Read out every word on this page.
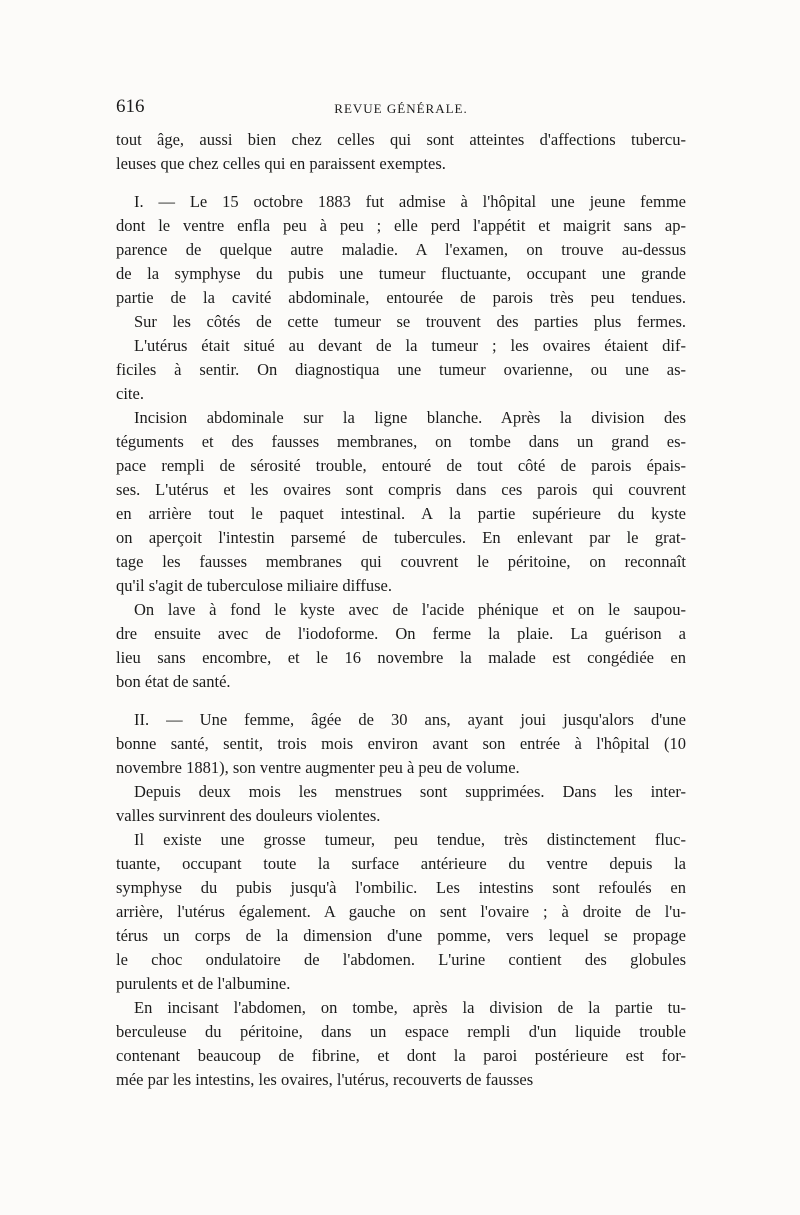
616	REVUE GÉNÉRALE.
tout âge, aussi bien chez celles qui sont atteintes d'affections tubercu-
leuses que chez celles qui en paraissent exemptes.
I. — Le 15 octobre 1883 fut admise à l'hôpital une jeune femme
dont le ventre enfla peu à peu ; elle perd l'appétit et maigrit sans ap-
parence de quelque autre maladie. A l'examen, on trouve au-dessus
de la symphyse du pubis une tumeur fluctuante, occupant une grande
partie de la cavité abdominale, entourée de parois très peu tendues.
Sur les côtés de cette tumeur se trouvent des parties plus fermes.
L'utérus était situé au devant de la tumeur ; les ovaires étaient dif-
ficiles à sentir. On diagnostiqua une tumeur ovarienne, ou une as-
cite.
Incision abdominale sur la ligne blanche. Après la division des
téguments et des fausses membranes, on tombe dans un grand es-
pace rempli de sérosité trouble, entouré de tout côté de parois épais-
ses. L'utérus et les ovaires sont compris dans ces parois qui couvrent
en arrière tout le paquet intestinal. A la partie supérieure du kyste
on aperçoit l'intestin parsemé de tubercules. En enlevant par le grat-
tage les fausses membranes qui couvrent le péritoine, on reconnaît
qu'il s'agit de tuberculose miliaire diffuse.
On lave à fond le kyste avec de l'acide phénique et on le saupou-
dre ensuite avec de l'iodoforme. On ferme la plaie. La guérison a
lieu sans encombre, et le 16 novembre la malade est congédiée en
bon état de santé.
II. — Une femme, âgée de 30 ans, ayant joui jusqu'alors d'une
bonne santé, sentit, trois mois environ avant son entrée à l'hôpital (10
novembre 1881), son ventre augmenter peu à peu de volume.
Depuis deux mois les menstrues sont supprimées. Dans les inter-
valles survinrent des douleurs violentes.
Il existe une grosse tumeur, peu tendue, très distinctement fluc-
tuante, occupant toute la surface antérieure du ventre depuis la
symphyse du pubis jusqu'à l'ombilic. Les intestins sont refoulés en
arrière, l'utérus également. A gauche on sent l'ovaire ; à droite de l'u-
térus un corps de la dimension d'une pomme, vers lequel se propage
le choc ondulatoire de l'abdomen. L'urine contient des globules
purulents et de l'albumine.
En incisant l'abdomen, on tombe, après la division de la partie tu-
berculeuse du péritoine, dans un espace rempli d'un liquide trouble
contenant beaucoup de fibrine, et dont la paroi postérieure est for-
mée par les intestins, les ovaires, l'utérus, recouverts de fausses
